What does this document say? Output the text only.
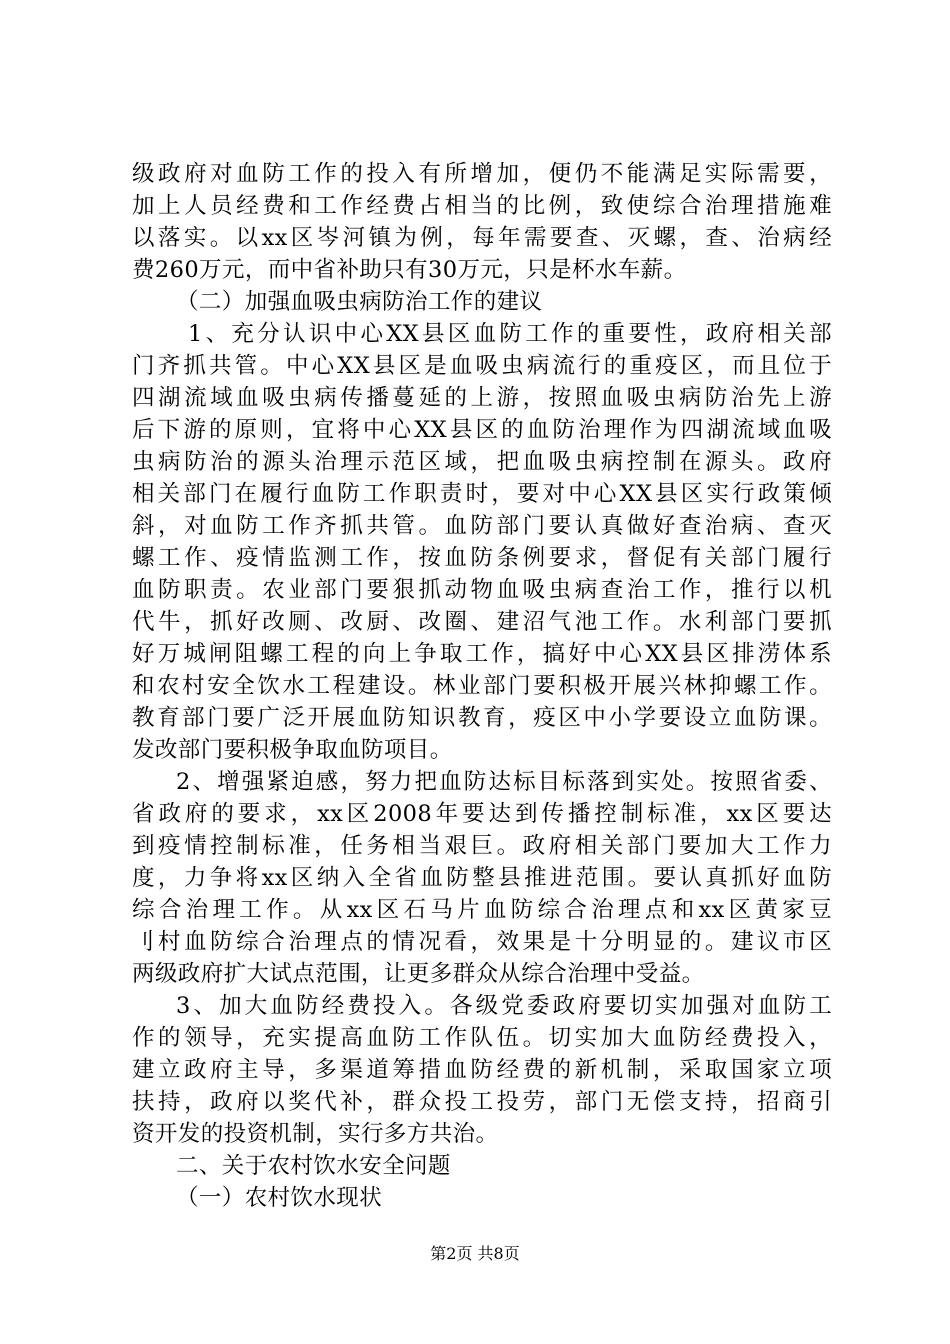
级政府对血防工作的投入有所增加，便仍不能满足实际需要，
加上人员经费和工作经费占相当的比例，致使综合治理措施难
以落实。以xx区岑河镇为例，每年需要查、灭螺，查、治病经
费260万元，而中省补助只有30万元，只是杯水车薪。
（二）加强血吸虫病防治工作的建议
1、充分认识中心XX县区血防工作的重要性，政府相关部
门齐抓共管。中心XX县区是血吸虫病流行的重疫区，而且位于
四湖流域血吸虫病传播蔓延的上游，按照血吸虫病防治先上游
后下游的原则，宜将中心XX县区的血防治理作为四湖流域血吸
虫病防治的源头治理示范区域，把血吸虫病控制在源头。政府
相关部门在履行血防工作职责时，要对中心XX县区实行政策倾
斜，对血防工作齐抓共管。血防部门要认真做好查治病、查灭
螺工作、疫情监测工作，按血防条例要求，督促有关部门履行
血防职责。农业部门要狠抓动物血吸虫病查治工作，推行以机
代牛，抓好改厕、改厨、改圈、建沼气池工作。水利部门要抓
好万城闸阻螺工程的向上争取工作，搞好中心XX县区排涝体系
和农村安全饮水工程建设。林业部门要积极开展兴林抑螺工作。
教育部门要广泛开展血防知识教育，疫区中小学要设立血防课。
发改部门要积极争取血防项目。
2、增强紧迫感，努力把血防达标目标落到实处。按照省委、
省政府的要求，xx区2008年要达到传播控制标准，xx区要达
到疫情控制标准，任务相当艰巨。政府相关部门要加大工作力
度，力争将xx区纳入全省血防整县推进范围。要认真抓好血防
综合治理工作。从xx区石马片血防综合治理点和xx区黄家豆
刂村血防综合治理点的情况看，效果是十分明显的。建议市区
两级政府扩大试点范围，让更多群众从综合治理中受益。
3、加大血防经费投入。各级党委政府要切实加强对血防工
作的领导，充实提高血防工作队伍。切实加大血防经费投入，
建立政府主导，多渠道筹措血防经费的新机制，采取国家立项
扶持，政府以奖代补，群众投工投劳，部门无偿支持，招商引
资开发的投资机制，实行多方共治。
二、关于农村饮水安全问题
（一）农村饮水现状
第2页 共8页
